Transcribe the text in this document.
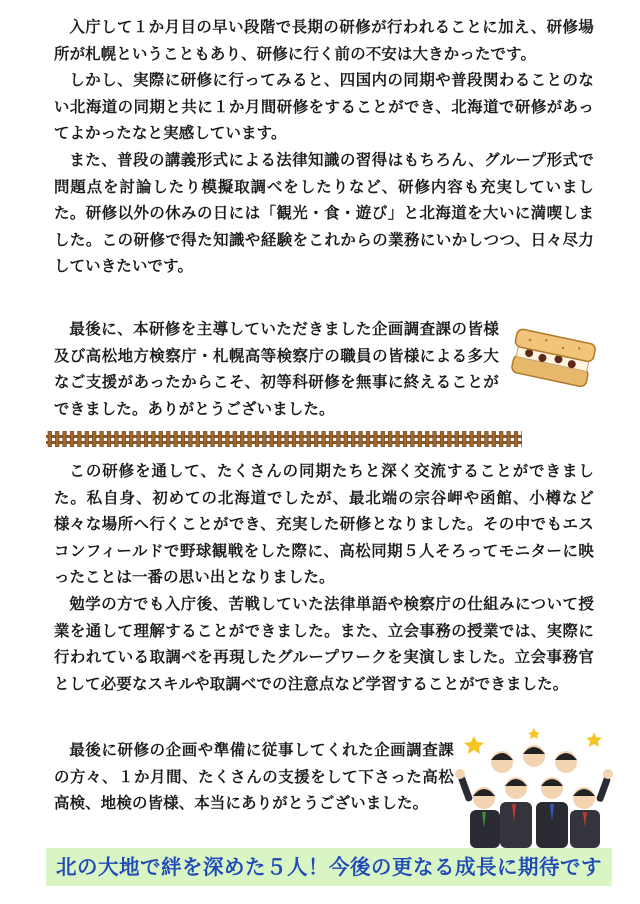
入庁して１か月目の早い段階で長期の研修が行われることに加え、研修場所が札幌ということもあり、研修に行く前の不安は大きかったです。

しかし、実際に研修に行ってみると、四国内の同期や普段関わることのない北海道の同期と共に１か月間研修をすることができ、北海道で研修があってよかったなと実感しています。

また、普段の講義形式による法律知識の習得はもちろん、グループ形式で問題点を討論したり模擬取調べをしたりなど、研修内容も充実していました。研修以外の休みの日には「観光・食・遊び」と北海道を大いに満喫しました。この研修で得た知識や経験をこれからの業務にいかしつつ、日々尽力していきたいです。

最後に、本研修を主導していただきました企画調査課の皆様及び高松地方検察庁・札幌高等検察庁の職員の皆様による多大なご支援があったからこそ、初等科研修を無事に終えることができました。ありがとうございました。

この研修を通して、たくさんの同期たちと深く交流することができました。私自身、初めての北海道でしたが、最北端の宗谷岬や函館、小樽など様々な場所へ行くことができ、充実した研修となりました。その中でもエスコンフィールドで野球観戦をした際に、高松同期５人そろってモニターに映ったことは一番の思い出となりました。

勉学の方でも入庁後、苦戦していた法律単語や検察庁の仕組みについて授業を通して理解することができました。また、立会事務の授業では、実際に行われている取調べを再現したグループワークを実演しました。立会事務官として必要なスキルや取調べでの注意点など学習することができました。

最後に研修の企画や準備に従事してくれた企画調査課の方々、１か月間、たくさんの支援をして下さった高松高検、地検の皆様、本当にありがとうございました。

北の大地で絆を深めた５人！今後の更なる成長に期待です
